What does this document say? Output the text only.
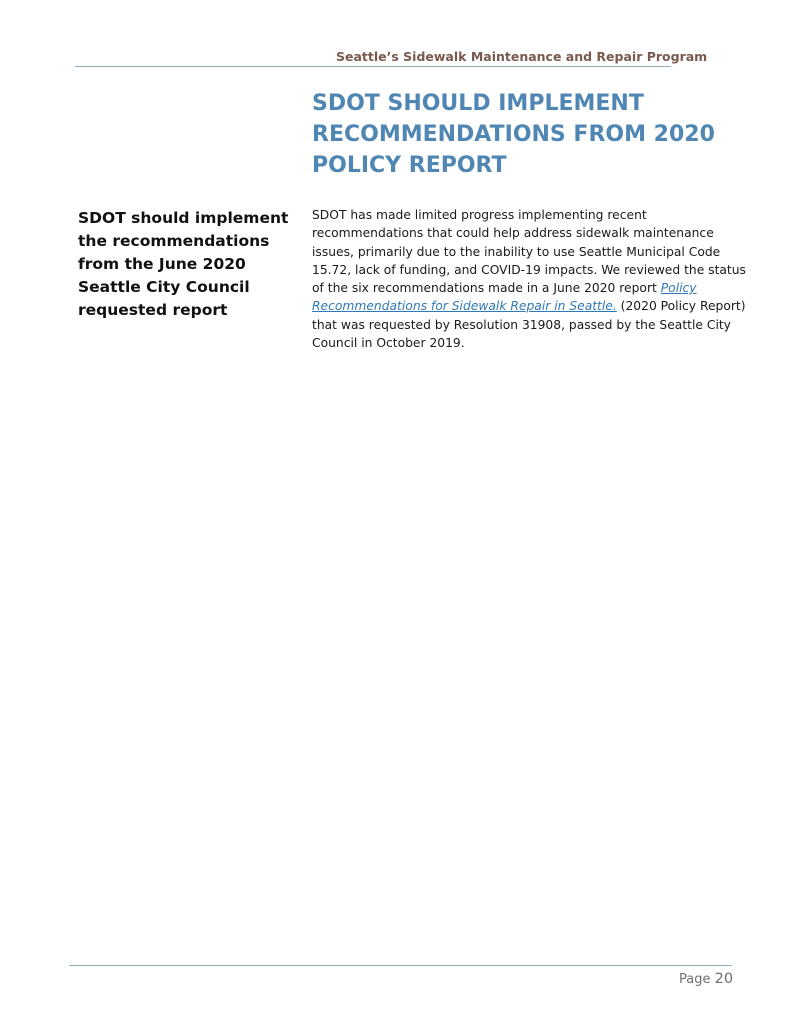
Seattle’s Sidewalk Maintenance and Repair Program
SDOT SHOULD IMPLEMENT RECOMMENDATIONS FROM 2020 POLICY REPORT

SDOT should implement the recommendations from the June 2020 Seattle City Council requested report

SDOT has made limited progress implementing recent recommendations that could help address sidewalk maintenance issues, primarily due to the inability to use Seattle Municipal Code 15.72, lack of funding, and COVID-19 impacts. We reviewed the status of the six recommendations made in a June 2020 report Policy Recommendations for Sidewalk Repair in Seattle. (2020 Policy Report) that was requested by Resolution 31908, passed by the Seattle City Council in October 2019.

Page 20
